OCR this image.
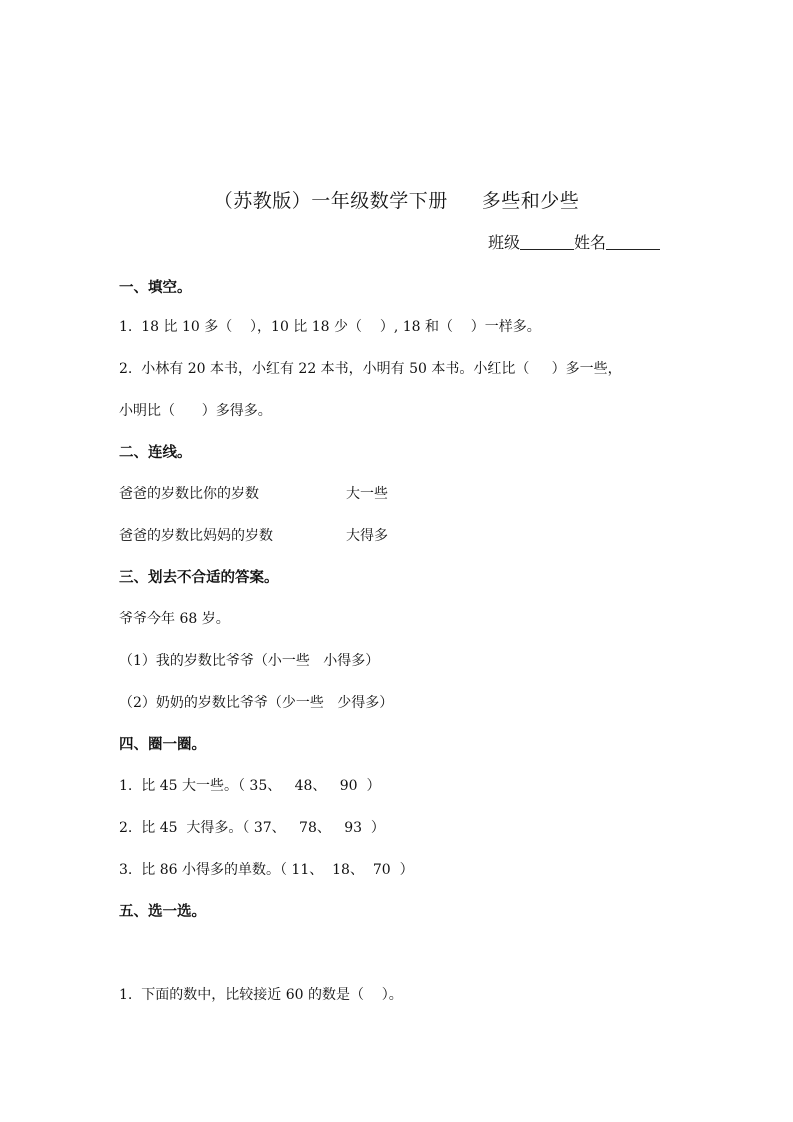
（苏教版）一年级数学下册 多些和少些
班级	姓名
一、填空。
1.  18 比 10 多（    ），10 比 18 少（    ）, 18 和（    ）一样多。
2.  小林有 20 本书，小红有 22 本书，小明有 50 本书。小红比（     ）多一些，
小明比（      ）多得多。
二、连线。
爸爸的岁数比你的岁数	大一些
爸爸的岁数比妈妈的岁数	大得多
三、划去不合适的答案。
爷爷今年 68 岁。
（1）我的岁数比爷爷（小一些   小得多）
（2）奶奶的岁数比爷爷（少一些   少得多）
四、圈一圈。
1.  比 45 大一些。（ 35、   48、   90  ）
2.  比 45  大得多。（ 37、   78、   93  ）
3.  比 86 小得多的单数。（ 11、  18、  70  ）
五、选一选。
1.  下面的数中，比较接近 60 的数是（    ）。
